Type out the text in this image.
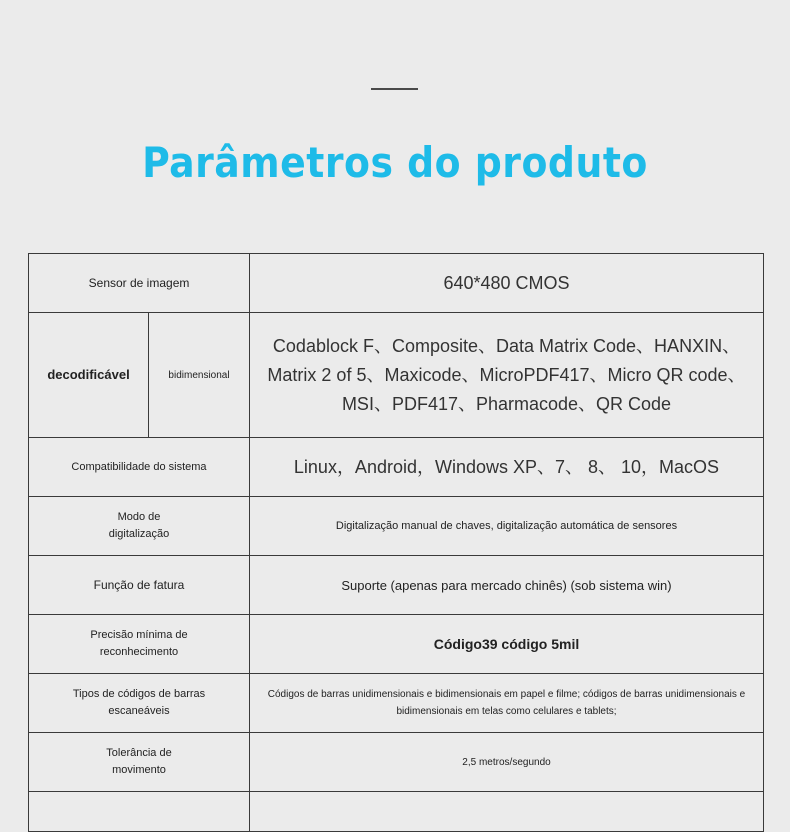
Parâmetros do produto
Sensor de imagem		640*480 CMOS
decodificável	bidimensional	Codablock F、Composite、Data Matrix Code、HANXIN、Matrix 2 of 5、Maxicode、MicroPDF417、Micro QR code、MSI、PDF417、Pharmacode、QR Code
Compatibilidade do sistema		Linux，Android，Windows XP、7、 8、 10，MacOS
Modo de digitalização		Digitalização manual de chaves, digitalização automática de sensores
Função de fatura		Suporte (apenas para mercado chinês) (sob sistema win)
Precisão mínima de reconhecimento		Código39 código 5mil
Tipos de códigos de barras escaneáveis		Códigos de barras unidimensionais e bidimensionais em papel e filme; códigos de barras unidimensionais e bidimensionais em telas como celulares e tablets;
Tolerância de movimento		2,5 metros/segundo
